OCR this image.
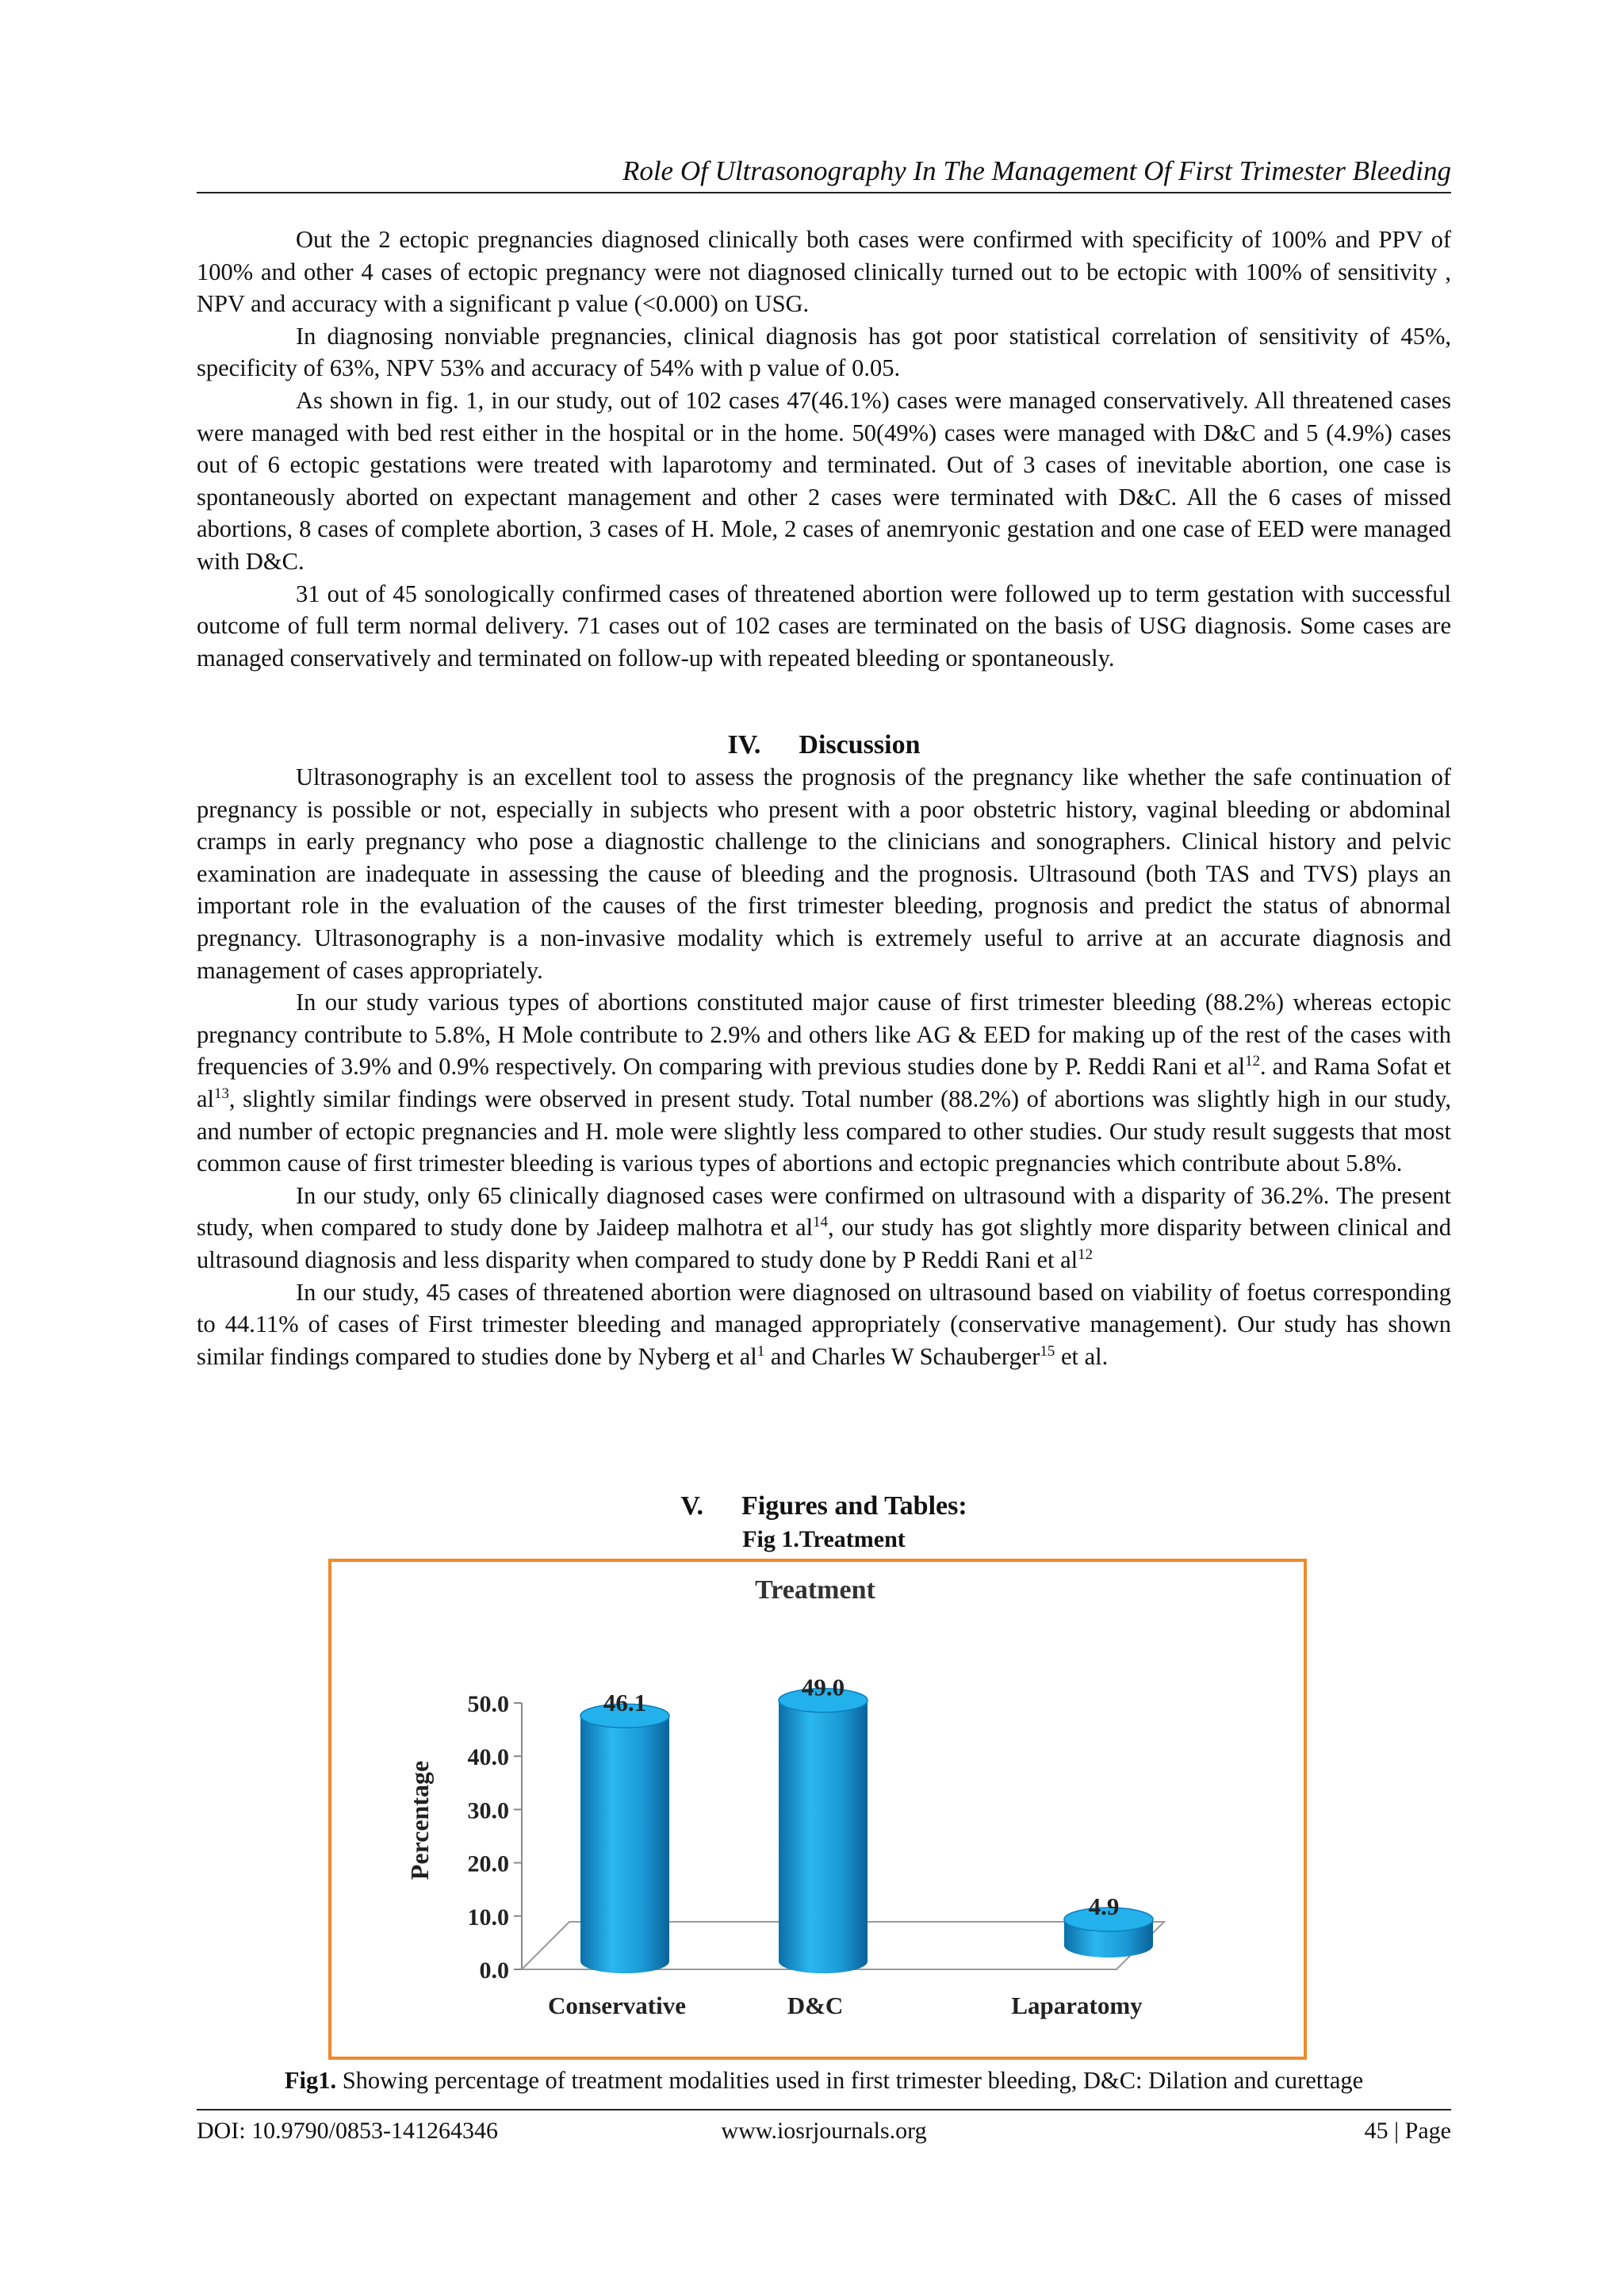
Role Of Ultrasonography In The Management Of First Trimester Bleeding

Out the 2 ectopic pregnancies diagnosed clinically both cases were confirmed with specificity of 100% and PPV of 100% and other 4 cases of ectopic pregnancy were not diagnosed clinically turned out to be ectopic with 100% of sensitivity , NPV and accuracy with a significant p value (<0.000) on USG.

In diagnosing nonviable pregnancies, clinical diagnosis has got poor statistical correlation of sensitivity of 45%, specificity of 63%, NPV 53% and accuracy of 54% with p value of 0.05.

As shown in fig. 1, in our study, out of 102 cases 47(46.1%) cases were managed conservatively. All threatened cases were managed with bed rest either in the hospital or in the home. 50(49%) cases were managed with D&C and 5 (4.9%) cases out of 6 ectopic gestations were treated with laparotomy and terminated. Out of 3 cases of inevitable abortion, one case is spontaneously aborted on expectant management and other 2 cases were terminated with D&C. All the 6 cases of missed abortions, 8 cases of complete abortion, 3 cases of H. Mole, 2 cases of anemryonic gestation and one case of EED were managed with D&C.

31 out of 45 sonologically confirmed cases of threatened abortion were followed up to term gestation with successful outcome of full term normal delivery. 71 cases out of 102 cases are terminated on the basis of USG diagnosis. Some cases are managed conservatively and terminated on follow-up with repeated bleeding or spontaneously.

IV. Discussion

Ultrasonography is an excellent tool to assess the prognosis of the pregnancy like whether the safe continuation of pregnancy is possible or not, especially in subjects who present with a poor obstetric history, vaginal bleeding or abdominal cramps in early pregnancy who pose a diagnostic challenge to the clinicians and sonographers. Clinical history and pelvic examination are inadequate in assessing the cause of bleeding and the prognosis. Ultrasound (both TAS and TVS) plays an important role in the evaluation of the causes of the first trimester bleeding, prognosis and predict the status of abnormal pregnancy. Ultrasonography is a non-invasive modality which is extremely useful to arrive at an accurate diagnosis and management of cases appropriately.

In our study various types of abortions constituted major cause of first trimester bleeding (88.2%) whereas ectopic pregnancy contribute to 5.8%, H Mole contribute to 2.9% and others like AG & EED for making up of the rest of the cases with frequencies of 3.9% and 0.9% respectively. On comparing with previous studies done by P. Reddi Rani et $al^{12}$. and Rama Sofat et $al^{13}$, slightly similar findings were observed in present study. Total number (88.2%) of abortions was slightly high in our study, and number of ectopic pregnancies and H. mole were slightly less compared to other studies. Our study result suggests that most common cause of first trimester bleeding is various types of abortions and ectopic pregnancies which contribute about 5.8%.

In our study, only 65 clinically diagnosed cases were confirmed on ultrasound with a disparity of 36.2%. The present study, when compared to study done by Jaideep malhotra et $al^{14}$, our study has got slightly more disparity between clinical and ultrasound diagnosis and less disparity when compared to study done by P Reddi Rani et $al^{12}$

In our study, 45 cases of threatened abortion were diagnosed on ultrasound based on viability of foetus corresponding to 44.11% of cases of First trimester bleeding and managed appropriately (conservative management). Our study has shown similar findings compared to studies done by Nyberg et $al^1$ and Charles W Schauberger$^{15}$ et al.

V. Figures and Tables:
Fig 1.Treatment
Treatment
Percentage
0.0
10.0
20.0
30.0
40.0
50.0	46.1
49.0
4.9
Conservative	D&C	Laparatomy
Fig1. Showing percentage of treatment modalities used in first trimester bleeding, D&C: Dilation and curettage
DOI: 10.9790/0853-141264346	www.iosrjournals.org	45 | Page
